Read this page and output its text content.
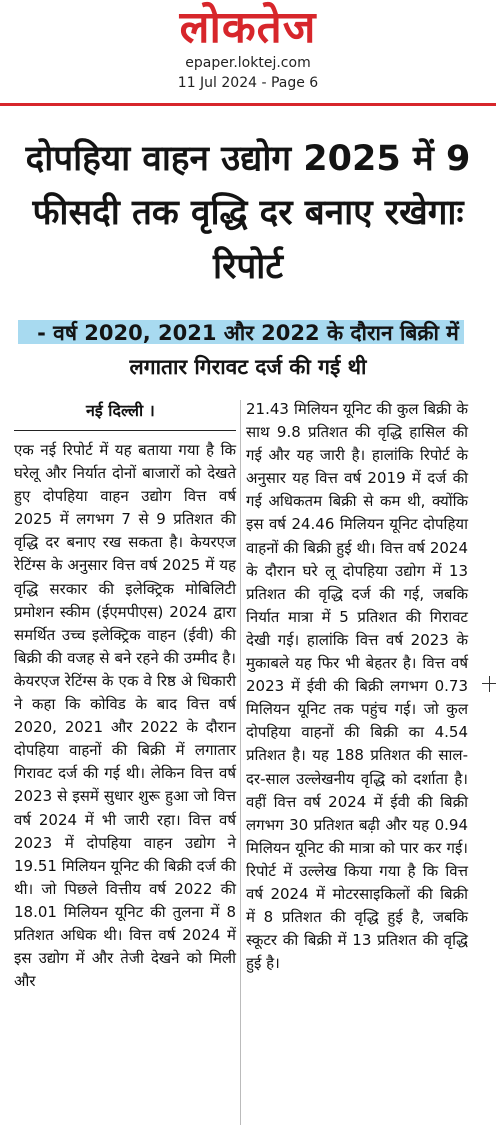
लोकतेज
epaper.loktej.com
11 Jul 2024 - Page 6
दोपहिया वाहन उद्योग 2025 में 9 फीसदी तक वृद्धि दर बनाए रखेगाः रिपोर्ट
- वर्ष 2020, 2021 और 2022 के दौरान बिक्री में लगातार गिरावट दर्ज की गई थी
नई दिल्ली ।
एक नई रिपोर्ट में यह बताया गया है कि घरेलू और निर्यात दोनों बाजारों को देखते हुए दोपहिया वाहन उद्योग वित्त वर्ष 2025 में लगभग 7 से 9 प्रतिशत की वृद्धि दर बनाए रख सकता है। केयरएज रेटिंग्स के अनुसार वित्त वर्ष 2025 में यह वृद्धि सरकार की इलेक्ट्रिक मोबिलिटी प्रमोशन स्कीम (ईएमपीएस) 2024 द्वारा समर्थित उच्च इलेक्ट्रिक वाहन (ईवी) की बिक्री की वजह से बने रहने की उम्मीद है। केयरएज रेटिंग्स के एक वे रिष्ठ अे धिकारी ने कहा कि कोविड के बाद वित्त वर्ष 2020, 2021 और 2022 के दौरान दोपहिया वाहनों की बिक्री में लगातार गिरावट दर्ज की गई थी। लेकिन वित्त वर्ष 2023 से इसमें सुधार शुरू हुआ जो वित्त वर्ष 2024 में भी जारी रहा। वित्त वर्ष 2023 में दोपहिया वाहन उद्योग ने 19.51 मिलियन यूनिट की बिक्री दर्ज की थी। जो पिछले वित्तीय वर्ष 2022 की 18.01 मिलियन यूनिट की तुलना में 8 प्रतिशत अधिक थी। वित्त वर्ष 2024 में इस उद्योग में और तेजी देखने को मिली और
21.43 मिलियन यूनिट की कुल बिक्री के साथ 9.8 प्रतिशत की वृद्धि हासिल की गई और यह जारी है। हालांकि रिपोर्ट के अनुसार यह वित्त वर्ष 2019 में दर्ज की गई अधिकतम बिक्री से कम थी, क्योंकि इस वर्ष 24.46 मिलियन यूनिट दोपहिया वाहनों की बिक्री हुई थी। वित्त वर्ष 2024 के दौरान घरे लू दोपहिया उद्योग में 13 प्रतिशत की वृद्धि दर्ज की गई, जबकि निर्यात मात्रा में 5 प्रतिशत की गिरावट देखी गई। हालांकि वित्त वर्ष 2023 के मुकाबले यह फिर भी बेहतर है। वित्त वर्ष 2023 में ईवी की बिक्री लगभग 0.73 मिलियन यूनिट तक पहुंच गई। जो कुल दोपहिया वाहनों की बिक्री का 4.54 प्रतिशत है। यह 188 प्रतिशत की साल-दर-साल उल्लेखनीय वृद्धि को दर्शाता है। वहीं वित्त वर्ष 2024 में ईवी की बिक्री लगभग 30 प्रतिशत बढ़ी और यह 0.94 मिलियन यूनिट की मात्रा को पार कर गई। रिपोर्ट में उल्लेख किया गया है कि वित्त वर्ष 2024 में मोटरसाइकिलों की बिक्री में 8 प्रतिशत की वृद्धि हुई है, जबकि स्कूटर की बिक्री में 13 प्रतिशत की वृद्धि हुई है।
